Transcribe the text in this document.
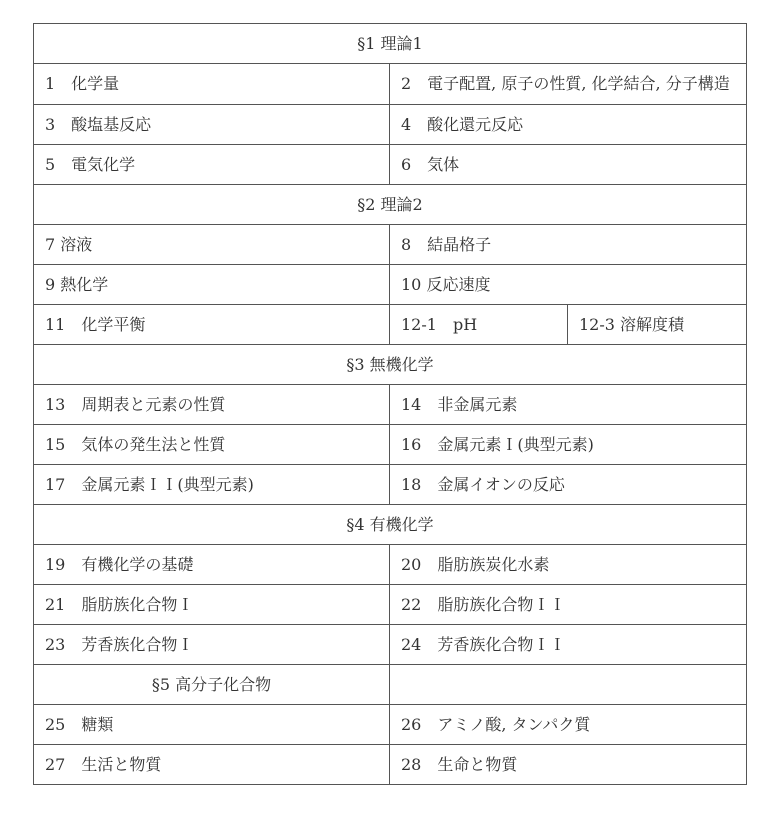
§1 理論1		
1　化学量	2　電子配置, 原子の性質, 化学結合, 分子構造	
3　酸塩基反応	4　酸化還元反応	
5　電気化学	6　気体	
§2 理論2		
7 溶液	8　結晶格子	
9 熱化学	10 反応速度	
11　化学平衡	12-1　pH	12-3 溶解度積
§3 無機化学		
13　周期表と元素の性質	14　非金属元素	
15　気体の発生法と性質	16　金属元素Ｉ(典型元素)	
17　金属元素ＩＩ(典型元素)	18　金属イオンの反応	
§4 有機化学		
19　有機化学の基礎	20　脂肪族炭化水素	
21　脂肪族化合物Ｉ	22　脂肪族化合物ＩＩ	
23　芳香族化合物Ｉ	24　芳香族化合物ＩＩ	
§5 高分子化合物		
25　糖類	26　アミノ酸, タンパク質	
27　生活と物質	28　生命と物質	
